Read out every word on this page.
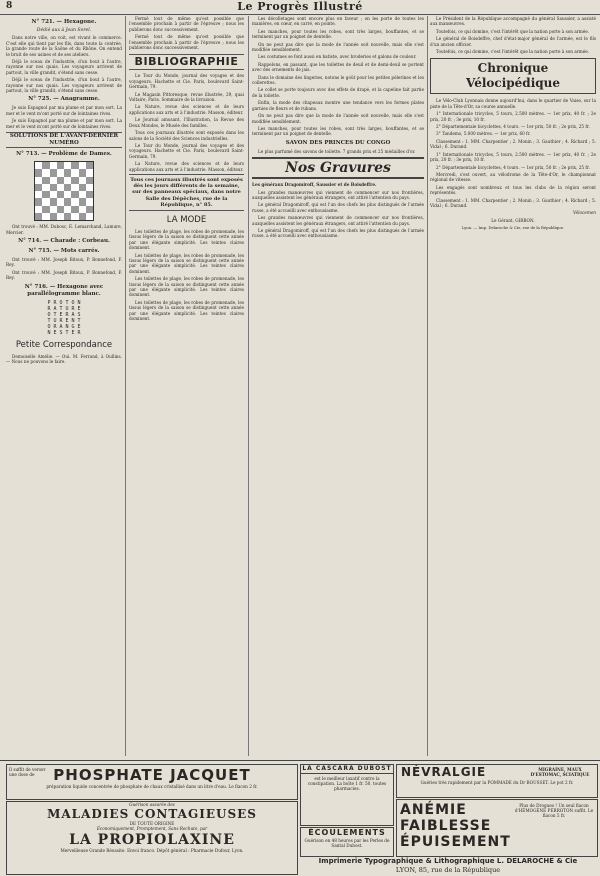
8	Le Progrès Illustré
N° 721. — Hexagone.

Dédié aux à Jean Sorel.

Dans notre ville, on voit, est vivant le commerce. C'est elle qui tient par les fils, dans toute la contrée, la grande route de la Saône et du Rhône. On entend le bruit de ses usines et de ses ateliers.

Déjà le sceau de l'industrie, d'un bout à l'autre, rayonne sur nos quais. Les voyageurs arrivent de partout, la ville grandit, s'étend sans cesse.

Déjà le sceau de l'industrie, d'un bout à l'autre, rayonne sur nos quais. Les voyageurs arrivent de partout, la ville grandit, s'étend sans cesse.

N° 725. — Anagramme.

Je suis Espagnol par ma plume et par mon sort. La mer et le vent m'ont porté sur de lointaines rives.

Je suis Espagnol par ma plume et par mon sort. La mer et le vent m'ont porté sur de lointaines rives.

SOLUTIONS DE L'AVANT-DERNIER NUMÉRO
N° 713. — Problème de Dames.

Ont trouvé : MM. Dubosc, E. Lemarchand, Lamure, Mercier.

N° 714. — Charade : Corbeau.
N° 715. — Mots carrés.

Ont trouvé : MM. Joseph Bitoux, P. Bonnefond, F. Rey.

Ont trouvé : MM. Joseph Bitoux, P. Bonnefond, F. Rey.

N° 716. — Hexagone avec parallélogramme blanc.
P R O T O N
R A T U R E
O T E R A S
T U R E N T
O R A N G E
N E S T E R
Petite Correspondance

Demoiselle Amélie. — Oui. M. Ferrand, à Oullins. — Nous ne pouvons le faire.

Fermé tout de même qu'est possible que l'ensemble prochain à partir de l'épreuve ; nous les publierons donc successivement.

Fermé tout de même qu'est possible que l'ensemble prochain à partir de l'épreuve ; nous les publierons donc successivement.

BIBLIOGRAPHIE

Le Tour du Monde, journal des voyages et des voyageurs. Hachette et Cie. Paris, boulevard Saint-Germain, 79.

Le Magasin Pittoresque, revue illustrée, 29, quai Voltaire, Paris. Sommaire de la livraison.

La Nature, revue des sciences et de leurs applications aux arts et à l'industrie. Masson, éditeur.

Le Journal amusant, l'Illustration, la Revue des Deux Mondes, le Musée des familles.

Tous ces journaux illustrés sont exposés dans les salons de la Société des Sciences industrielles.

Le Tour du Monde, journal des voyages et des voyageurs. Hachette et Cie. Paris, boulevard Saint-Germain, 79.

La Nature, revue des sciences et de leurs applications aux arts et à l'industrie. Masson, éditeur.

Tous ces journaux illustrés sont exposés dès les jours différents de la semaine, sur des panneaux spéciaux, dans notre Salle des Dépêches, rue de la République, n° 85.

LA MODE

Les toilettes de plage, les robes de promenade, les tissus légers de la saison se distinguent cette année par une élégante simplicité. Les teintes claires dominent.

Les toilettes de plage, les robes de promenade, les tissus légers de la saison se distinguent cette année par une élégante simplicité. Les teintes claires dominent.

Les toilettes de plage, les robes de promenade, les tissus légers de la saison se distinguent cette année par une élégante simplicité. Les teintes claires dominent.

Les toilettes de plage, les robes de promenade, les tissus légers de la saison se distinguent cette année par une élégante simplicité. Les teintes claires dominent.

Les décolletages sont encore plus en faveur ; on les porte de toutes les manières, en cœur, en carré, en pointe.

Les manches, pour toutes les robes, sont très larges, bouffantes, et se terminent par un poignet de dentelle.

On ne peut pas dire que la mode de l'année soit nouvelle, mais elle s'est modifiée sensiblement.

Les costumes se font aussi en batiste, avec broderies et galons de couleur.

Rappelons, en passant, que les toilettes de deuil et de demi-deuil se portent avec des ornements de jais.

Dans le domaine des lingeries, notons le goût pour les petites pèlerines et les collerettes.

Le collet se porte toujours avec des effets de drapé, et la capeline fait partie de la toilette.

Enfin, la mode des chapeaux montre une tendance vers les formes plates garnies de fleurs et de rubans.

On ne peut pas dire que la mode de l'année soit nouvelle, mais elle s'est modifiée sensiblement.

Les manches, pour toutes les robes, sont très larges, bouffantes, et se terminent par un poignet de dentelle.

SAVON DES PRINCES DU CONGO

Le plus parfumé des savons de toilette. 7 grands prix et 25 médailles d'or.

Nos Gravures

Les généraux Dragomiroff, Saussier et de Boisdeffre.

Les grandes manœuvres qui viennent de commencer sur nos frontières, auxquelles assistent les généraux étrangers, ont attiré l'attention du pays.

Le général Dragomiroff, qui est l'un des chefs les plus distingués de l'armée russe, a été accueilli avec enthousiasme.

Les grandes manœuvres qui viennent de commencer sur nos frontières, auxquelles assistent les généraux étrangers, ont attiré l'attention du pays.

Le général Dragomiroff, qui est l'un des chefs les plus distingués de l'armée russe, a été accueilli avec enthousiasme.

Le Président de la République accompagné du général Saussier, a assisté aux manœuvres.

Toutefois, ce qui domine, c'est l'intérêt que la nation porte à son armée.

Le général de Boisdeffre, chef d'état-major général de l'armée, est le fils d'un ancien officier.

Toutefois, ce qui domine, c'est l'intérêt que la nation porte à son armée.

Chronique Vélocipédique

Le Vélo-Club Lyonnais donne aujourd'hui, dans le quartier de Vaise, sur la piste de la Tête-d'Or, sa course annuelle.

1° Internationale tricycles, 5 tours, 2.500 mètres. — 1er prix, 40 fr. ; 2e prix, 20 fr. ; 3e prix, 10 fr.

2° Départementale bicyclettes, 4 tours. — 1er prix, 50 fr. ; 2e prix, 25 fr.

3° Tandems, 5.000 mètres. — 1er prix, 60 fr.

Classement : 1. MM. Charpentier ; 2. Monin ; 3. Gauthier ; 4. Richard ; 5. Vidal ; 6. Durand.

1° Internationale tricycles, 5 tours, 2.500 mètres. — 1er prix, 40 fr. ; 2e prix, 20 fr. ; 3e prix, 10 fr.

2° Départementale bicyclettes, 4 tours. — 1er prix, 50 fr. ; 2e prix, 25 fr.

Mercredi, s'est ouvert, au vélodrome de la Tête-d'Or, le championnat régional de vitesse.

Les engagés sont nombreux et tous les clubs de la région seront représentés.

Classement : 1. MM. Charpentier ; 2. Monin ; 3. Gauthier ; 4. Richard ; 5. Vidal ; 6. Durand.

Vélocemen

Le Gérant, GIRBON.

Lyon. — Imp. Delaroche & Cie, rue de la République.

Il suffit de verser une dose de	PHOSPHATE JACQUET
préparation liquide concentrée de phosphate de chaux cristallisé dans un litre d'eau. Le flacon 2 fr.
Guérison assurée des
MALADIES CONTAGIEUSES
DE TOUTE ORIGINE
Économiquement, Promptement, Sans Rechute, par
LA PROPIOLAXINE
Merveilleuse Grande Réussite. Envoi franco. Dépôt général : Pharmacie Dufour, Lyon.
LA CASCARA DUBOST
est le meilleur laxatif contre la constipation. La boîte 1 fr. 50, toutes pharmacies.
ÉCOULEMENTS
Guérison en 48 heures par les Perles de Santal Dubost.
MIGRAINE, MAUX D'ESTOMAC, SCIATIQUE
NÉVRALGIE
Guéries très rapidement par la POMMADE du Dr BOUSSET. Le pot 2 fr.
ANÉMIE
FAIBLESSE
ÉPUISEMENT
Plus de Drogues ! Un seul flacon d'HÉMOGÈNE PERROTON suffit. Le flacon 5 fr.
Imprimerie Typographique & Lithographique L. DELAROCHE & Cie
LYON, 85, rue de la République
